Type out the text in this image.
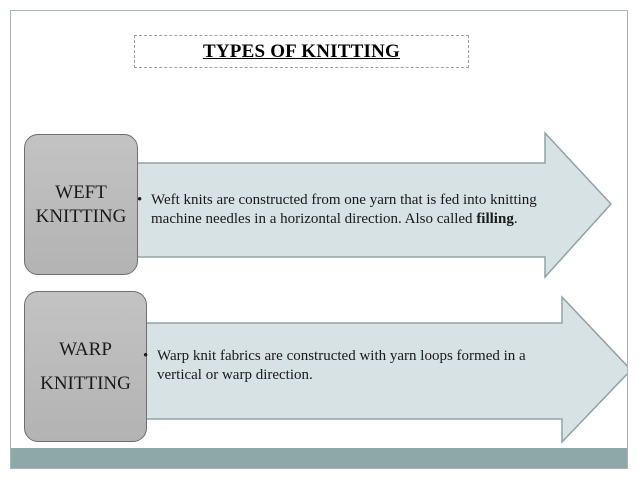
TYPES OF KNITTING
WEFT
KNITTING
• Weft knits are constructed from one yarn that is fed into knitting machine needles in a horizontal direction. Also called filling.
WARP
KNITTING
• Warp knit fabrics are constructed with yarn loops formed in a vertical or warp direction.
